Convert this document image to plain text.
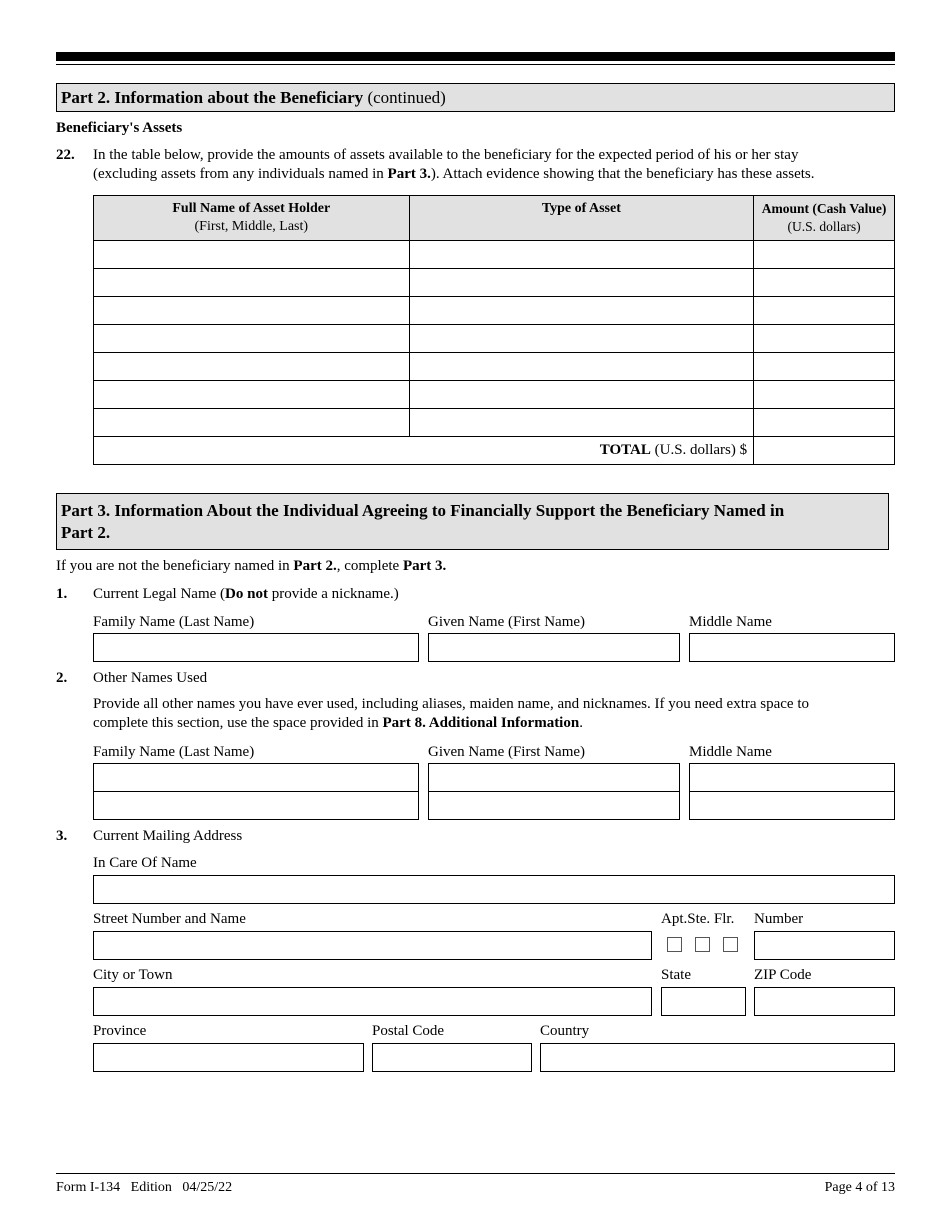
Part 2. Information about the Beneficiary (continued)
Beneficiary's Assets
22. In the table below, provide the amounts of assets available to the beneficiary for the expected period of his or her stay
(excluding assets from any individuals named in Part 3.). Attach evidence showing that the beneficiary has these assets.
Full Name of Asset Holder
(First, Middle, Last)	Type of Asset	Amount (Cash Value)
(U.S. dollars)

TOTAL (U.S. dollars) $		
Part 3. Information About the Individual Agreeing to Financially Support the Beneficiary Named in
Part 2.
If you are not the beneficiary named in Part 2., complete Part 3.
1. Current Legal Name (Do not provide a nickname.)
Family Name (Last Name)	Given Name (First Name)	Middle Name
2. Other Names Used
Provide all other names you have ever used, including aliases, maiden name, and nicknames. If you need extra space to
complete this section, use the space provided in Part 8. Additional Information.
Family Name (Last Name)	Given Name (First Name)	Middle Name
3. Current Mailing Address
In Care Of Name
Street Number and Name	Apt.Ste. Flr. Number
City or Town	State	ZIP Code
Province	Postal Code	Country
Form I-134   Edition   04/25/22	Page 4 of 13
